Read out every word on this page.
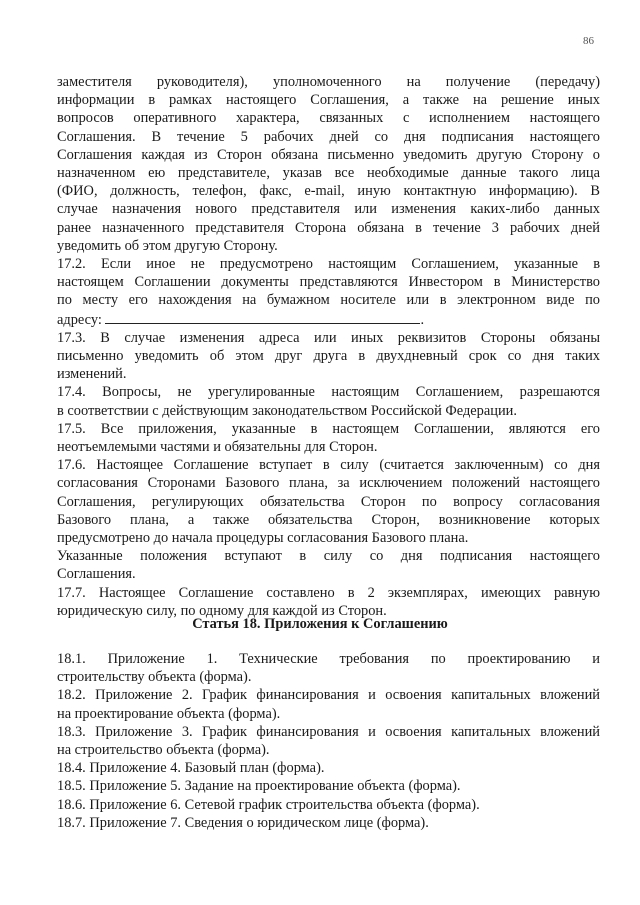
86

заместителя руководителя), уполномоченного на получение (передачу)
информации в рамках настоящего Соглашения, а также на решение иных
вопросов оперативного характера, связанных с исполнением настоящего
Соглашения. В течение 5 рабочих дней со дня подписания настоящего
Соглашения каждая из Сторон обязана письменно уведомить другую Сторону о
назначенном ею представителе, указав все необходимые данные такого лица
(ФИО, должность, телефон, факс, e-mail, иную контактную информацию). В
случае назначения нового представителя или изменения каких-либо данных
ранее назначенного представителя Сторона обязана в течение 3 рабочих дней
уведомить об этом другую Сторону.

17.2. Если иное не предусмотрено настоящим Соглашением, указанные в
настоящем Соглашении документы представляются Инвестором в Министерство
по месту его нахождения на бумажном носителе или в электронном виде по
адресу:	.

17.3. В случае изменения адреса или иных реквизитов Стороны обязаны
письменно уведомить об этом друг друга в двухдневный срок со дня таких
изменений.

17.4. Вопросы, не урегулированные настоящим Соглашением, разрешаются
в соответствии с действующим законодательством Российской Федерации.

17.5. Все приложения, указанные в настоящем Соглашении, являются его
неотъемлемыми частями и обязательны для Сторон.

17.6. Настоящее Соглашение вступает в силу (считается заключенным) со дня
согласования Сторонами Базового плана, за исключением положений настоящего
Соглашения, регулирующих обязательства Сторон по вопросу согласования
Базового плана, а также обязательства Сторон, возникновение которых
предусмотрено до начала процедуры согласования Базового плана.

Указанные положения вступают в силу со дня подписания настоящего
Соглашения.

17.7. Настоящее Соглашение составлено в 2 экземплярах, имеющих равную
юридическую силу, по одному для каждой из Сторон.

Статья 18. Приложения к Соглашению

18.1. Приложение 1. Технические требования по проектированию и
строительству объекта (форма).

18.2. Приложение 2. График финансирования и освоения капитальных вложений
на проектирование объекта (форма).

18.3. Приложение 3. График финансирования и освоения капитальных вложений
на строительство объекта (форма).

18.4. Приложение 4. Базовый план (форма).

18.5. Приложение 5. Задание на проектирование объекта (форма).

18.6. Приложение 6. Сетевой график строительства объекта (форма).

18.7. Приложение 7. Сведения о юридическом лице (форма).
